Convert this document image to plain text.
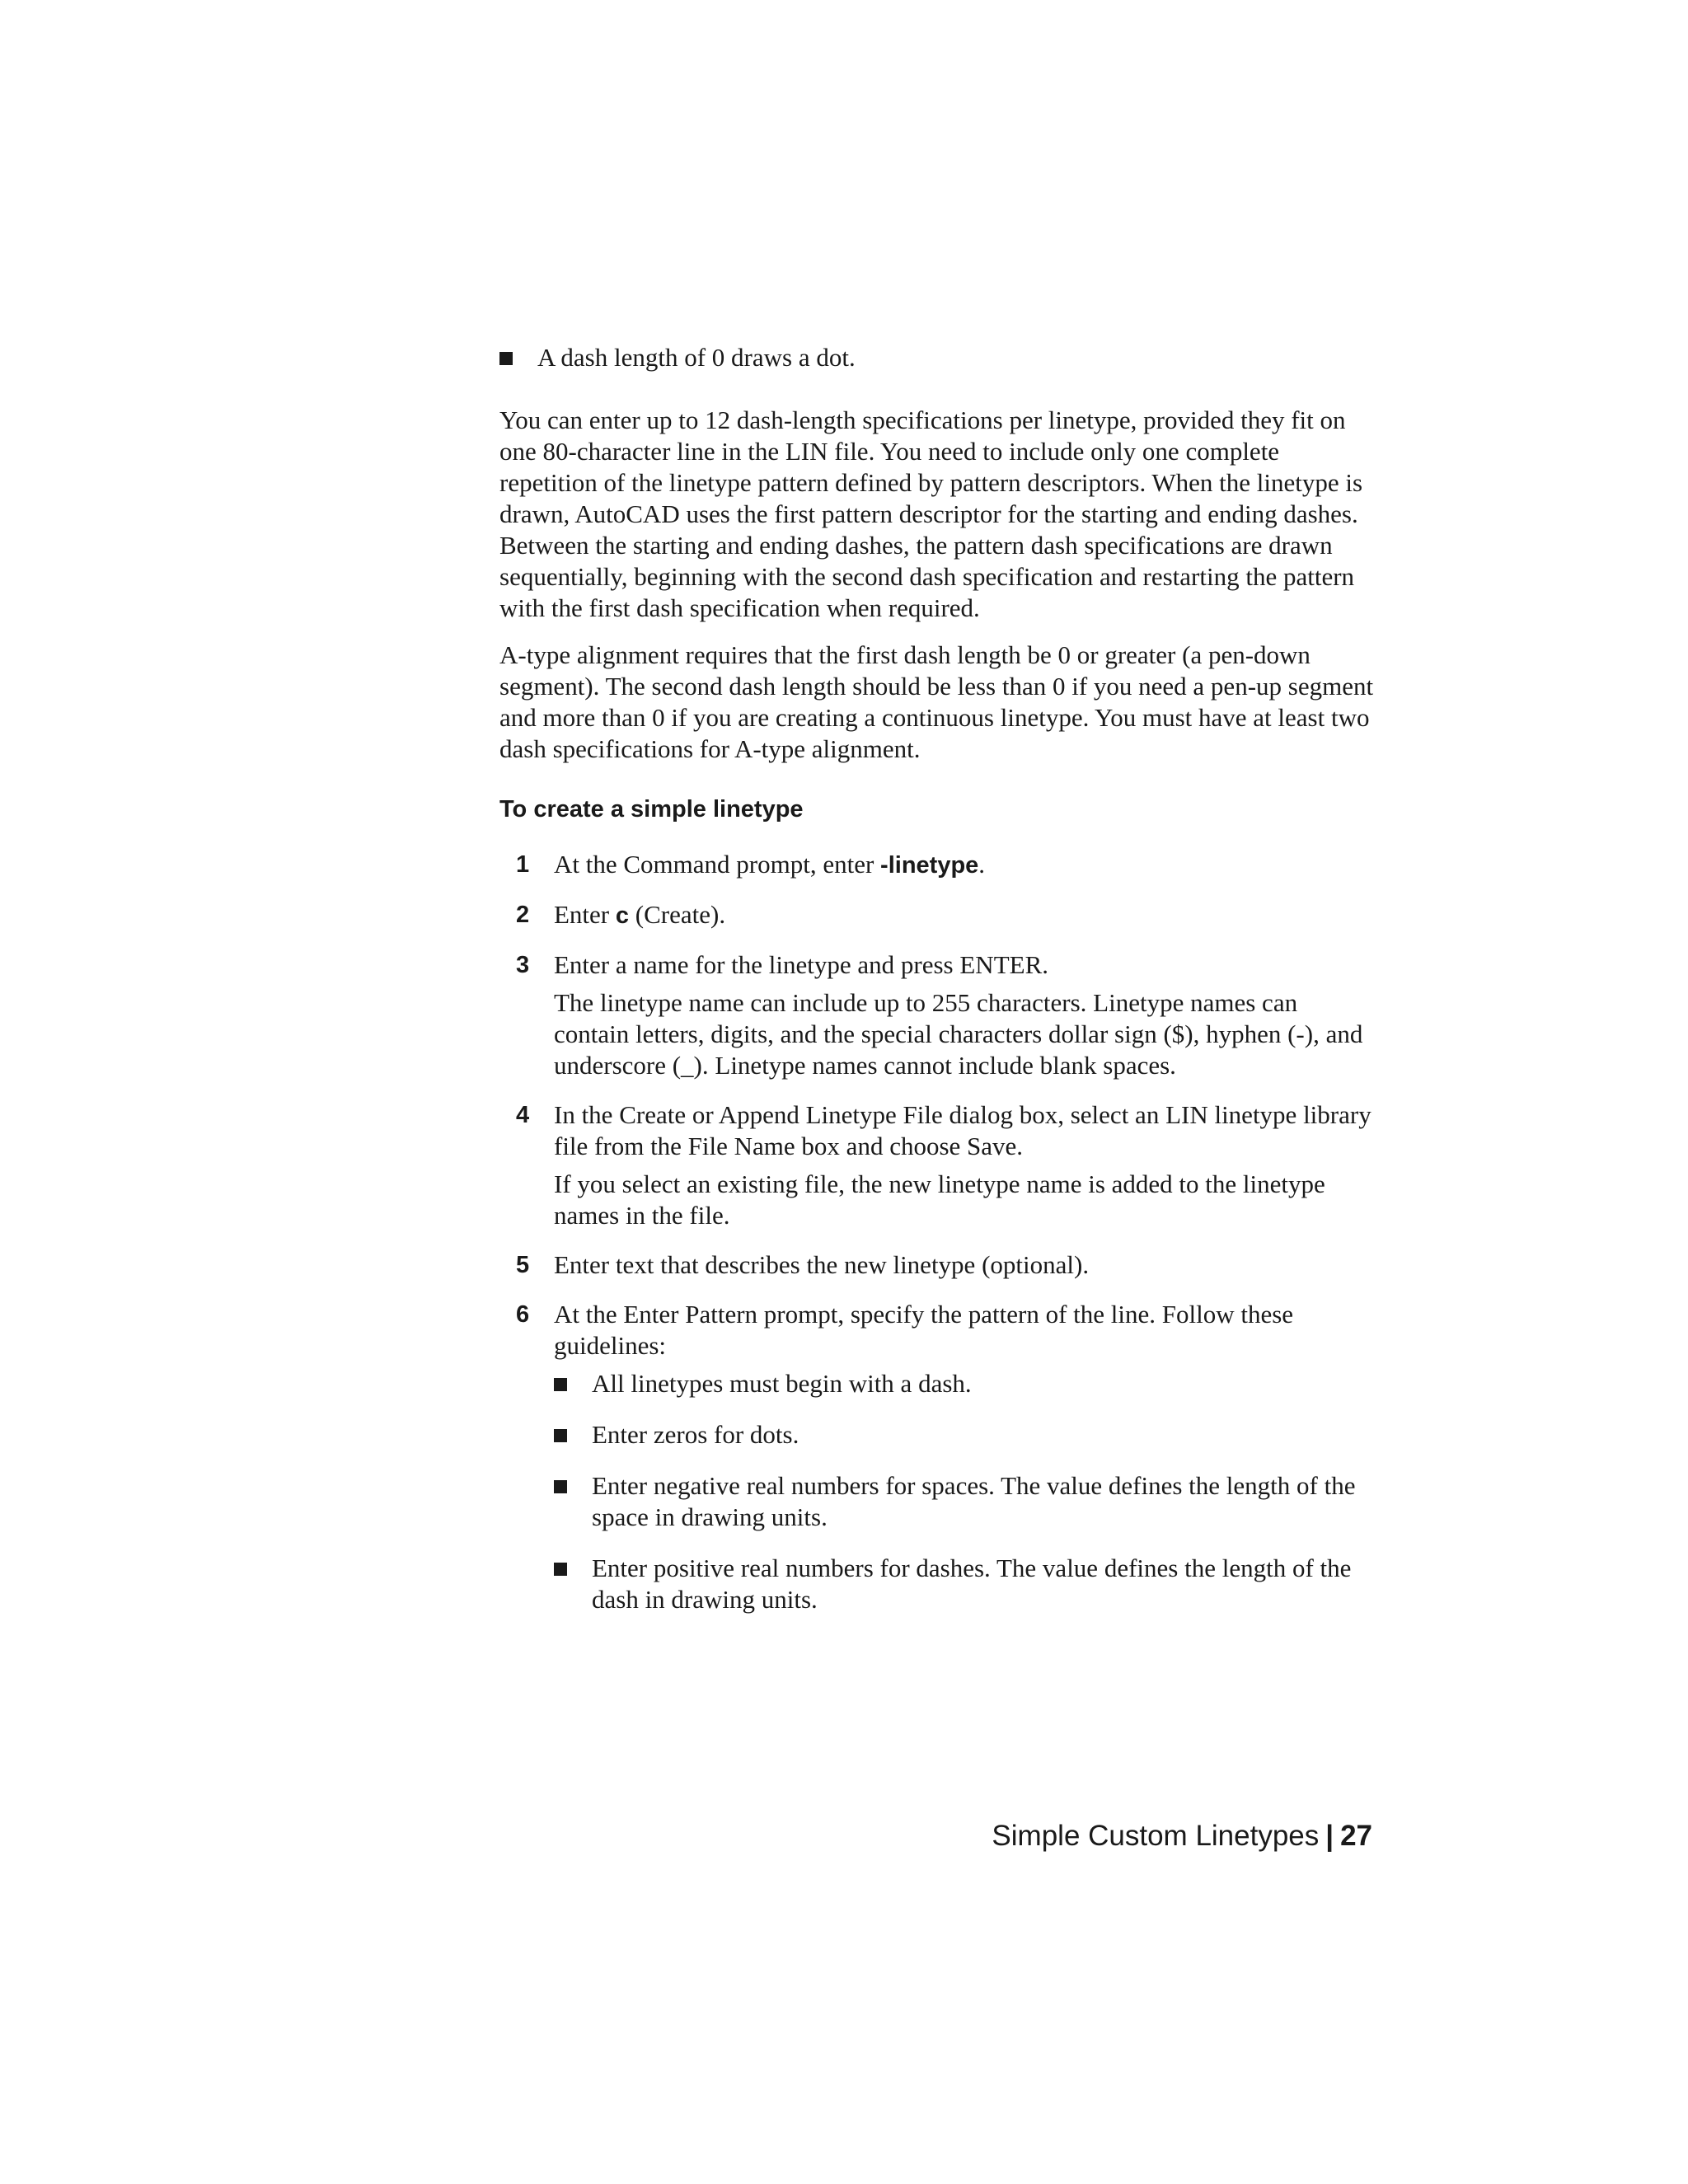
A dash length of 0 draws a dot.

You can enter up to 12 dash-length specifications per linetype, provided they fit on one 80-character line in the LIN file. You need to include only one complete repetition of the linetype pattern defined by pattern descriptors. When the linetype is drawn, AutoCAD uses the first pattern descriptor for the starting and ending dashes. Between the starting and ending dashes, the pattern dash specifications are drawn sequentially, beginning with the second dash specification and restarting the pattern with the first dash specification when required.

A-type alignment requires that the first dash length be 0 or greater (a pen-down segment). The second dash length should be less than 0 if you need a pen-up segment and more than 0 if you are creating a continuous linetype. You must have at least two dash specifications for A-type alignment.

To create a simple linetype
1 At the Command prompt, enter -linetype.
2 Enter c (Create).
3 Enter a name for the linetype and press ENTER.
The linetype name can include up to 255 characters. Linetype names can contain letters, digits, and the special characters dollar sign ($), hyphen (-), and underscore (_). Linetype names cannot include blank spaces.
4 In the Create or Append Linetype File dialog box, select an LIN linetype library file from the File Name box and choose Save.
If you select an existing file, the new linetype name is added to the linetype names in the file.
5 Enter text that describes the new linetype (optional).
6 At the Enter Pattern prompt, specify the pattern of the line. Follow these guidelines:
All linetypes must begin with a dash.
Enter zeros for dots.
Enter negative real numbers for spaces. The value defines the length of the space in drawing units.
Enter positive real numbers for dashes. The value defines the length of the dash in drawing units.
Simple Custom Linetypes | 27
